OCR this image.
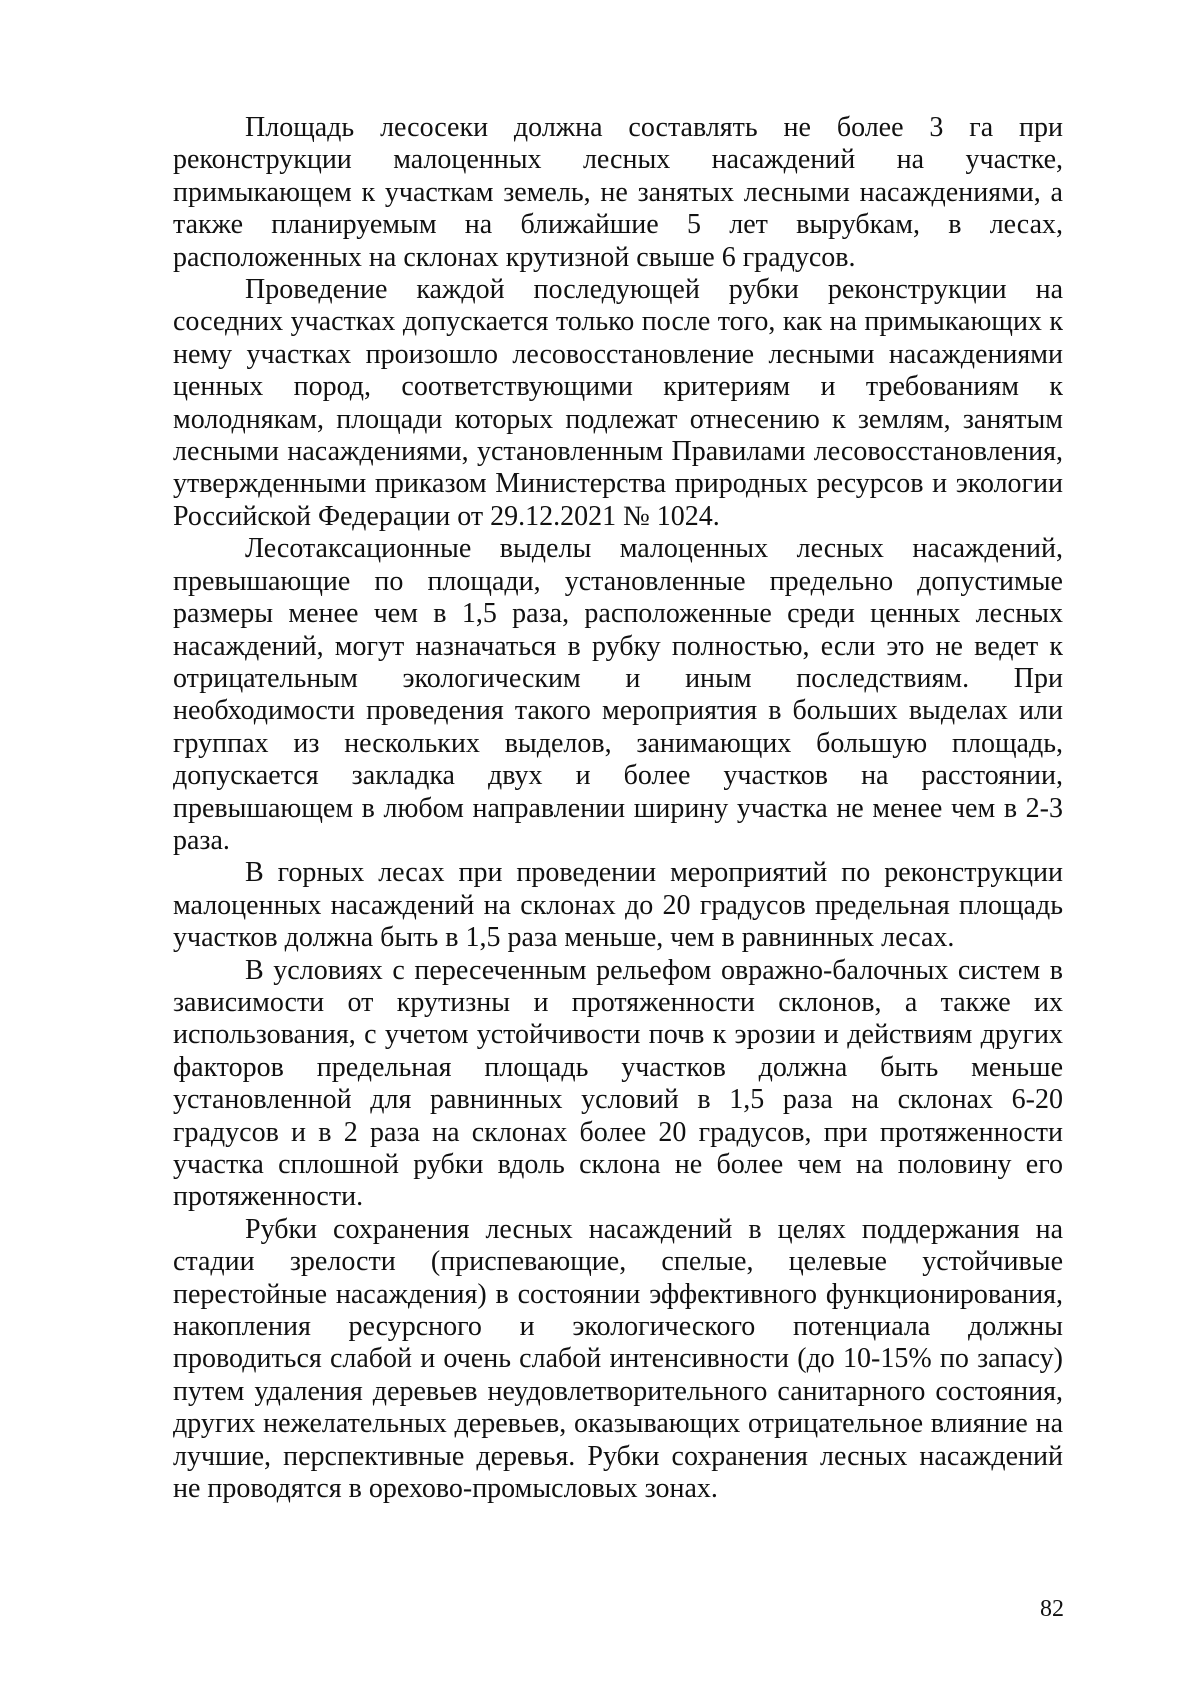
Площадь лесосеки должна составлять не более 3 га при реконструкции малоценных лесных насаждений на участке, примыкающем к участкам земель, не занятых лесными насаждениями, а также планируемым на ближайшие 5 лет вырубкам, в лесах, расположенных на склонах крутизной свыше 6 градусов.

Проведение каждой последующей рубки реконструкции на соседних участках допускается только после того, как на примыкающих к нему участках произошло лесовосстановление лесными насаждениями ценных пород, соответствующими критериям и требованиям к молоднякам, площади которых подлежат отнесению к землям, занятым лесными насаждениями, установленным Правилами лесовосстановления, утвержденными приказом Министерства природных ресурсов и экологии Российской Федерации от 29.12.2021 № 1024.

Лесотаксационные выделы малоценных лесных насаждений, превышающие по площади, установленные предельно допустимые размеры менее чем в 1,5 раза, расположенные среди ценных лесных насаждений, могут назначаться в рубку полностью, если это не ведет к отрицательным экологическим и иным последствиям. При необходимости проведения такого мероприятия в больших выделах или группах из нескольких выделов, занимающих большую площадь, допускается закладка двух и более участков на расстоянии, превышающем в любом направлении ширину участка не менее чем в 2-3 раза.

В горных лесах при проведении мероприятий по реконструкции малоценных насаждений на склонах до 20 градусов предельная площадь участков должна быть в 1,5 раза меньше, чем в равнинных лесах.

В условиях с пересеченным рельефом овражно-балочных систем в зависимости от крутизны и протяженности склонов, а также их использования, с учетом устойчивости почв к эрозии и действиям других факторов предельная площадь участков должна быть меньше установленной для равнинных условий в 1,5 раза на склонах 6-20 градусов и в 2 раза на склонах более 20 градусов, при протяженности участка сплошной рубки вдоль склона не более чем на половину его протяженности.

Рубки сохранения лесных насаждений в целях поддержания на стадии зрелости (приспевающие, спелые, целевые устойчивые перестойные насаждения) в состоянии эффективного функционирования, накопления ресурсного и экологического потенциала должны проводиться слабой и очень слабой интенсивности (до 10-15% по запасу) путем удаления деревьев неудовлетворительного санитарного состояния, других нежелательных деревьев, оказывающих отрицательное влияние на лучшие, перспективные деревья. Рубки сохранения лесных насаждений не проводятся в орехово-промысловых зонах.

82
